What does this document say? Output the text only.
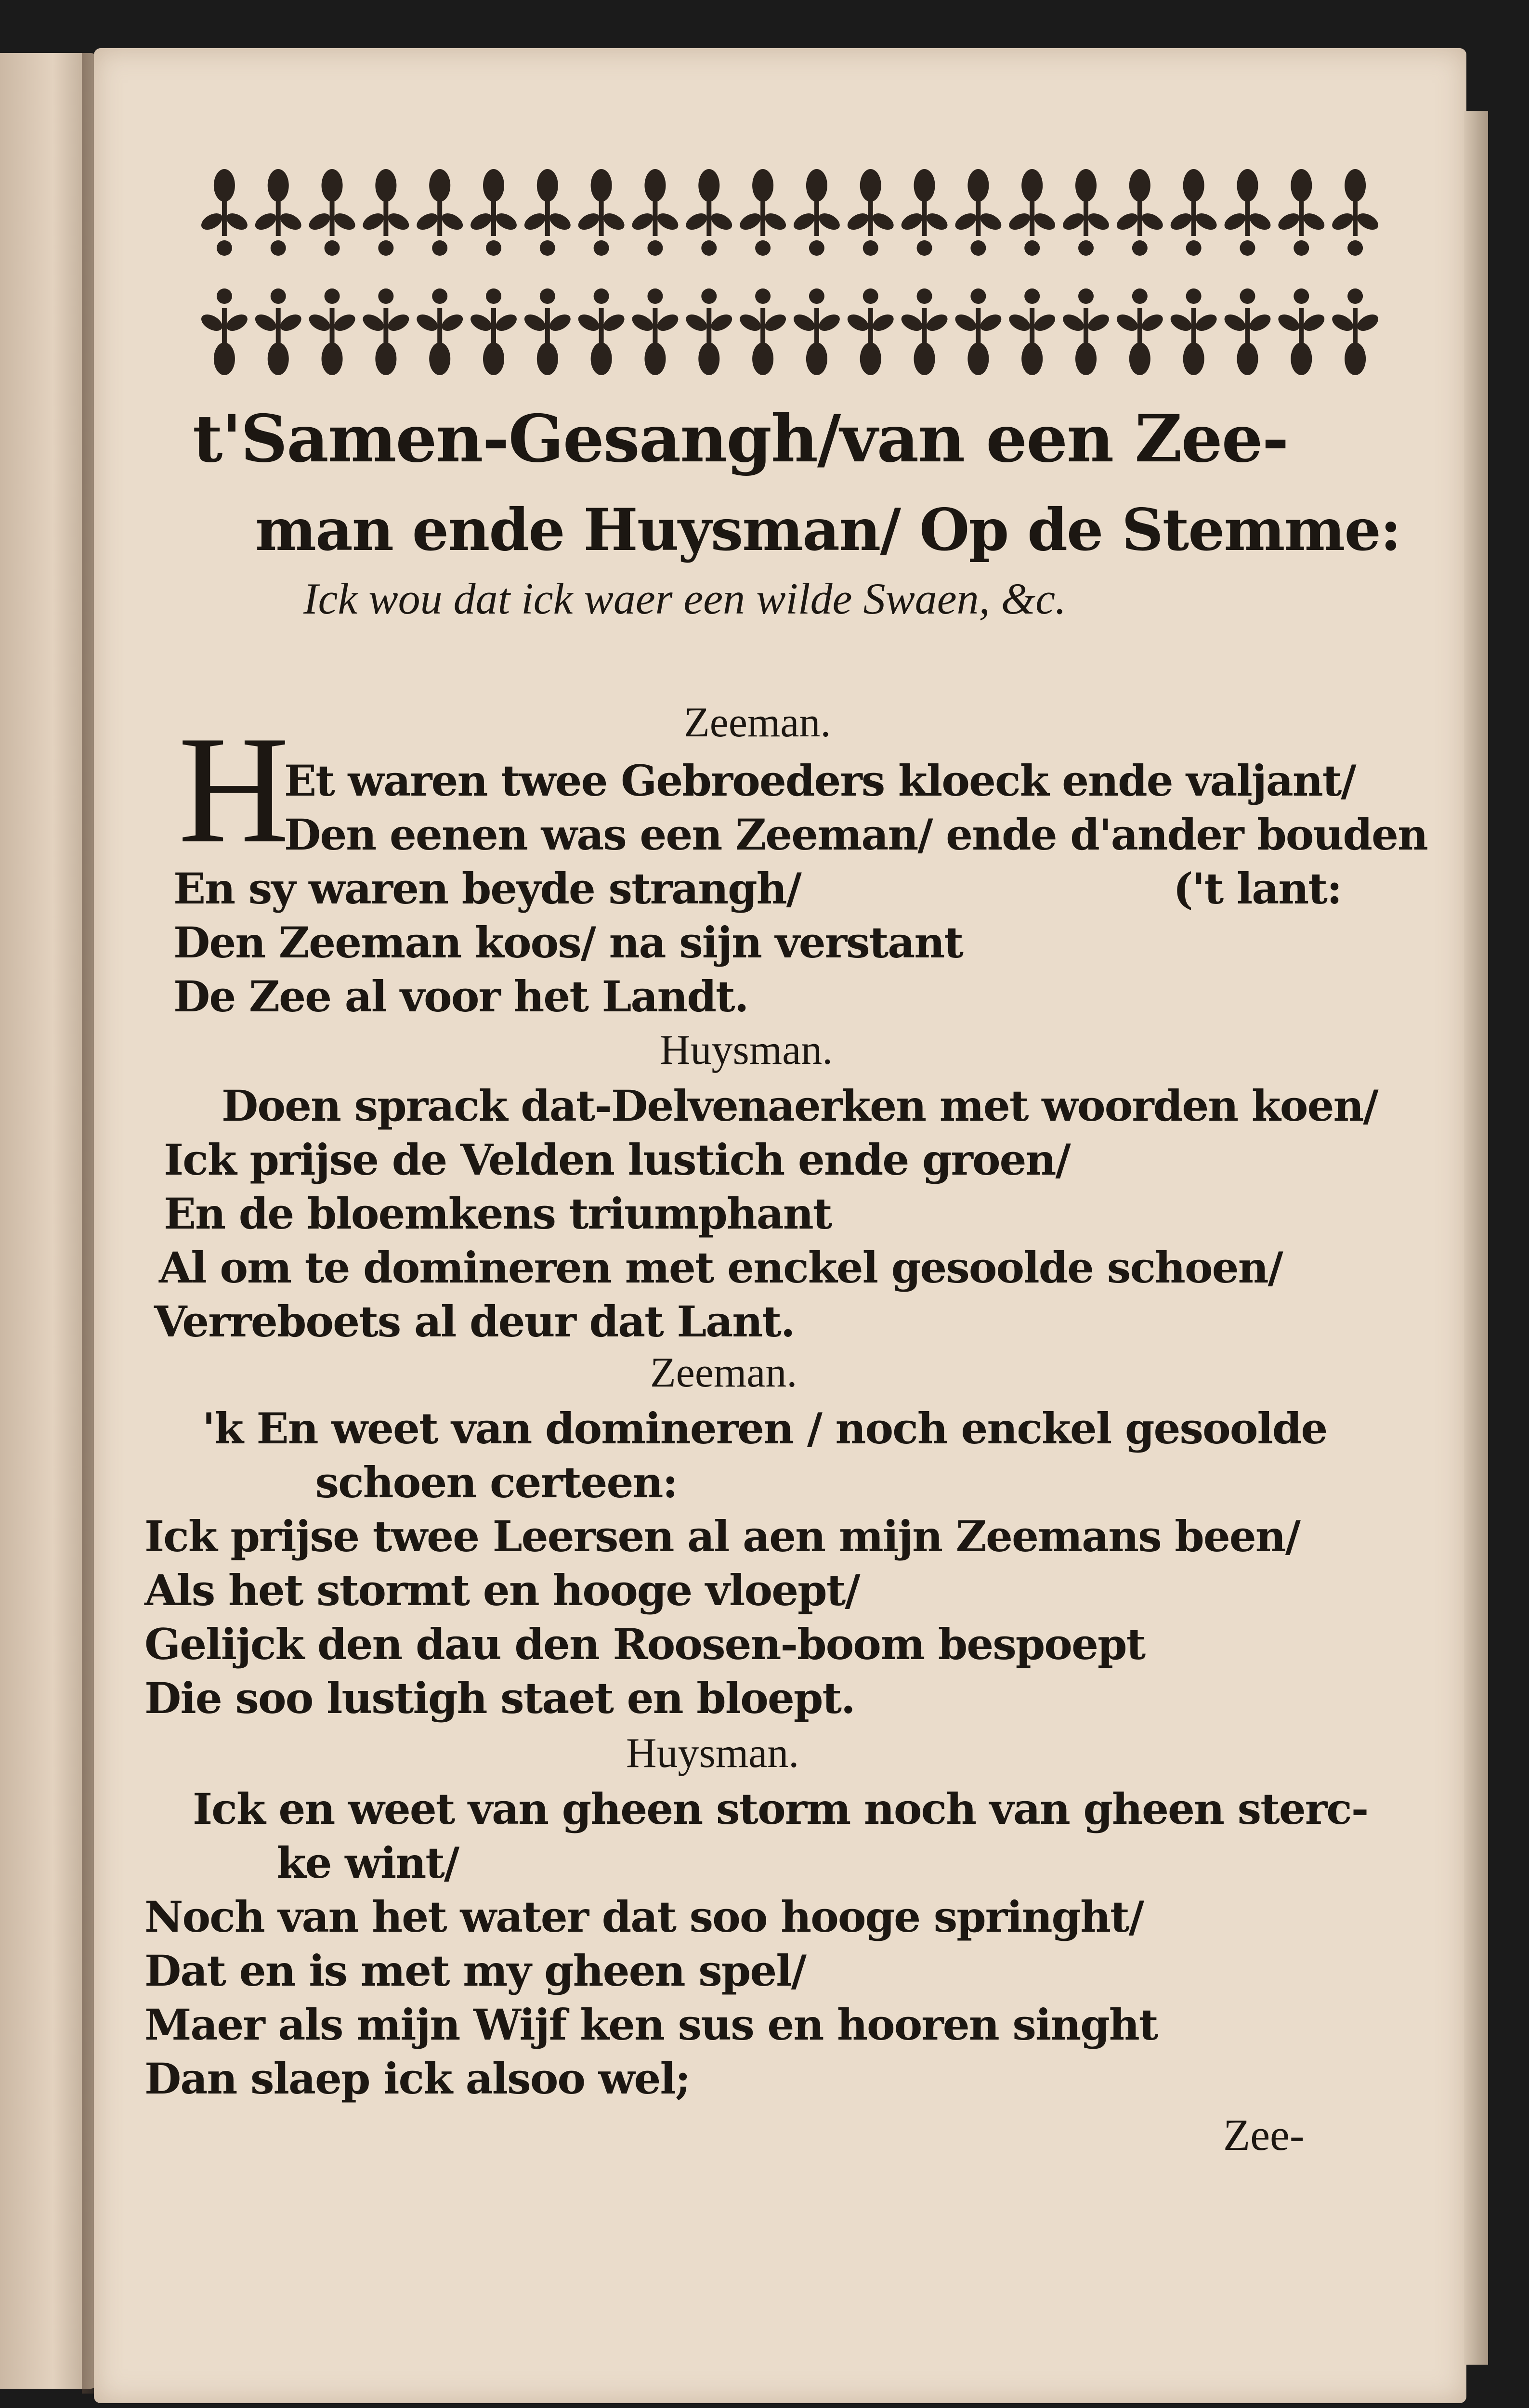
t'Samen-Gesangh/van een Zee-
man ende Huysman/ Op de Stemme:
Ick wou dat ick waer een wilde Swaen, &c.
Zeeman.
H
Et waren twee Gebroeders kloeck ende valjant/
Den eenen was een Zeeman/ ende d'ander bouden
En sy waren beyde strangh/                           ('t lant:
Den Zeeman koos/ na sijn verstant
De Zee al voor het Landt.
Huysman.
Doen sprack dat-Delvenaerken met woorden koen/
Ick prijse de Velden lustich ende groen/
En de bloemkens triumphant
Al om te domineren met enckel gesoolde schoen/
Verreboets al deur dat Lant.
Zeeman.
'k En weet van domineren / noch enckel gesoolde
schoen certeen:
Ick prijse twee Leersen al aen mijn Zeemans been/
Als het stormt en hooge vloept/
Gelijck den dau den Roosen-boom bespoept
Die soo lustigh staet en bloept.
Huysman.
Ick en weet van gheen storm noch van gheen sterc-
ke wint/
Noch van het water dat soo hooge springht/
Dat en is met my gheen spel/
Maer als mijn Wijf ken sus en hooren singht
Dan slaep ick alsoo wel;
Zee-
